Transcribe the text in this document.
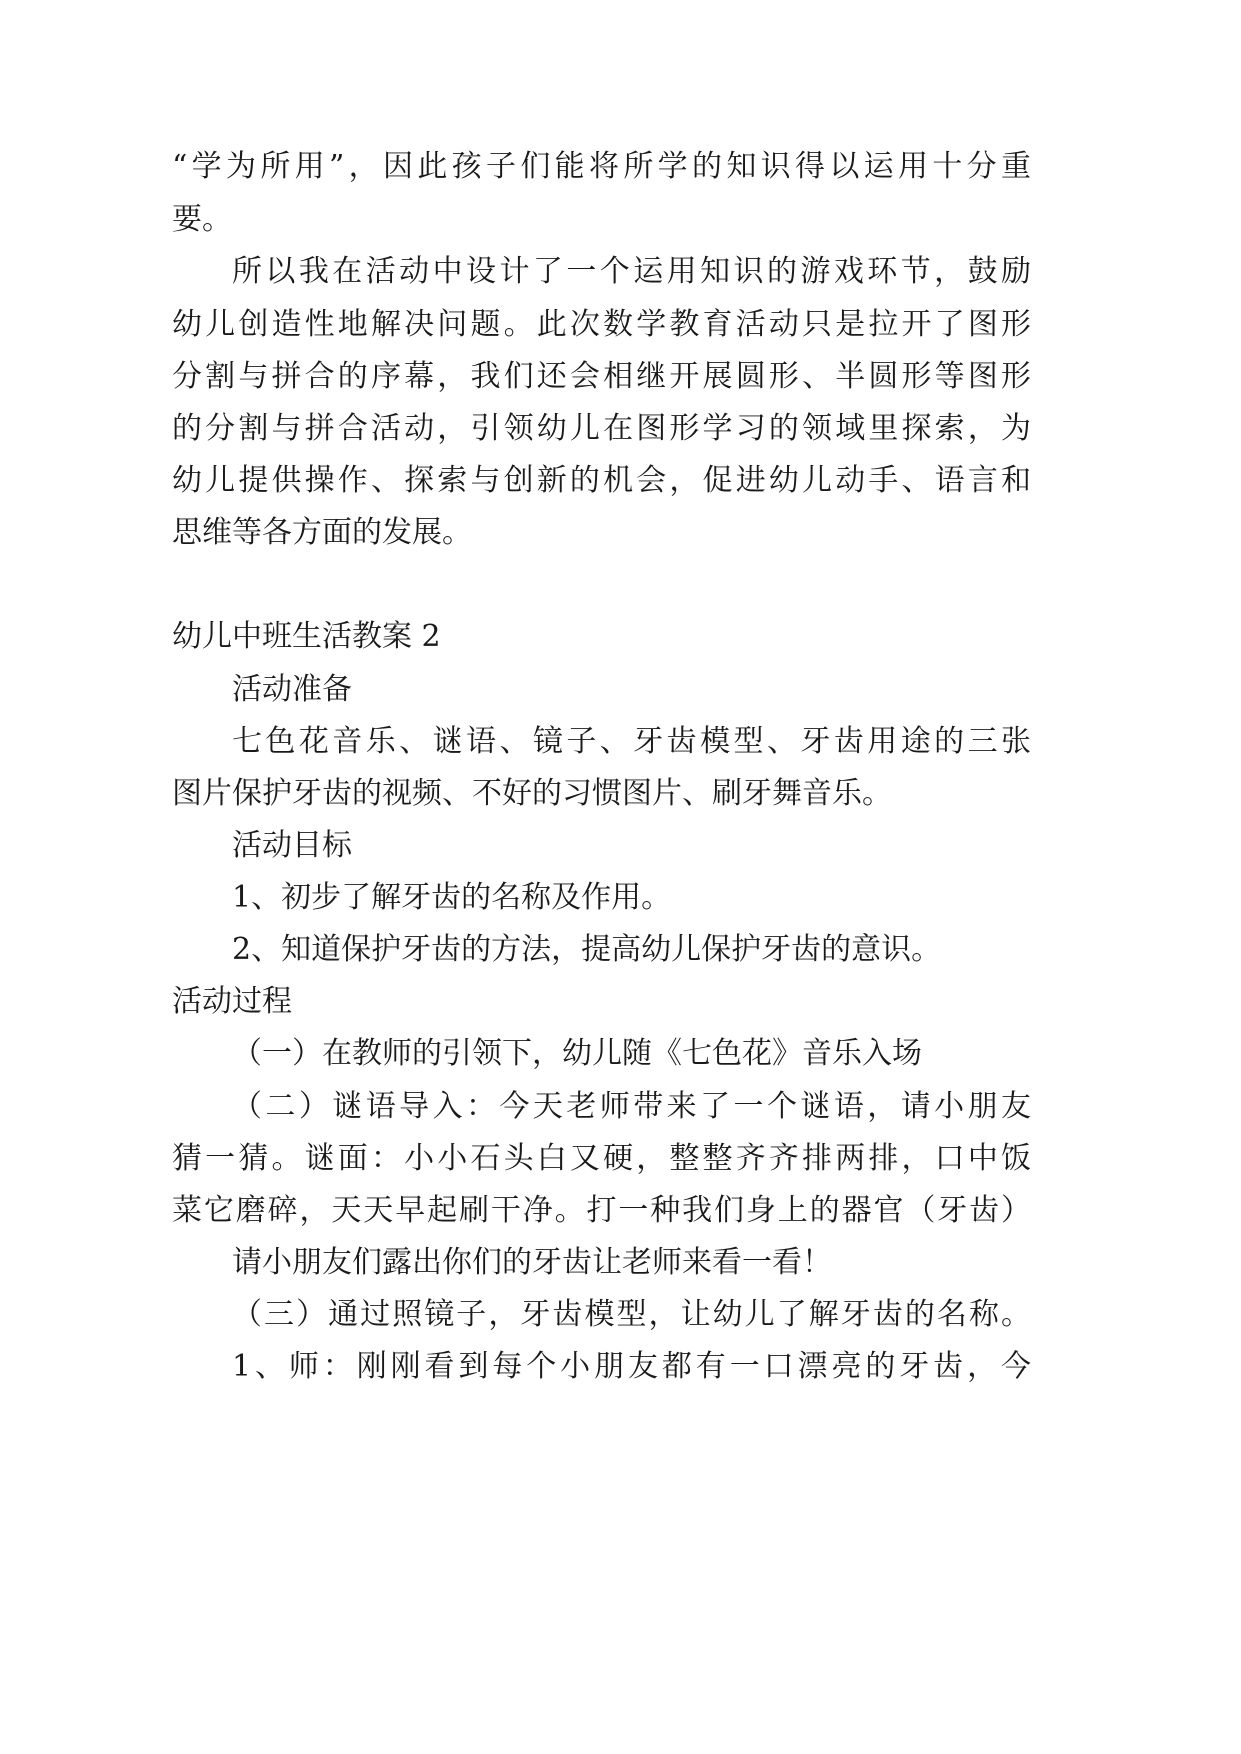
“学为所用”，因此孩子们能将所学的知识得以运用十分重
要。
所以我在活动中设计了一个运用知识的游戏环节，鼓励
幼儿创造性地解决问题。此次数学教育活动只是拉开了图形
分割与拼合的序幕，我们还会相继开展圆形、半圆形等图形
的分割与拼合活动，引领幼儿在图形学习的领域里探索，为
幼儿提供操作、探索与创新的机会，促进幼儿动手、语言和
思维等各方面的发展。
幼儿中班生活教案 2
活动准备
七色花音乐、谜语、镜子、牙齿模型、牙齿用途的三张
图片保护牙齿的视频、不好的习惯图片、刷牙舞音乐。
活动目标
1、初步了解牙齿的名称及作用。
2、知道保护牙齿的方法，提高幼儿保护牙齿的意识。
活动过程
（一）在教师的引领下，幼儿随《七色花》音乐入场
（二）谜语导入：今天老师带来了一个谜语，请小朋友
猜一猜。谜面：小小石头白又硬，整整齐齐排两排，口中饭
菜它磨碎，天天早起刷干净。打一种我们身上的器官（牙齿）
请小朋友们露出你们的牙齿让老师来看一看！
（三）通过照镜子，牙齿模型，让幼儿了解牙齿的名称。
1、师：刚刚看到每个小朋友都有一口漂亮的牙齿，今
